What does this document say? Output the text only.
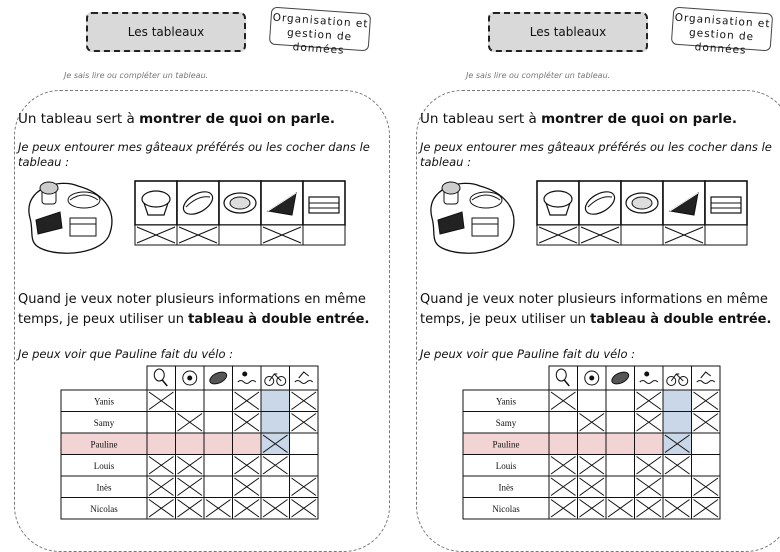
Les tableaux
Organisation et gestion de données
Je sais lire ou compléter un tableau.
Un tableau sert à montrer de quoi on parle.
Je peux entourer mes gâteaux préférés ou les cocher dans le tableau :
Quand je veux noter plusieurs informations en même temps, je peux utiliser un tableau à double entrée.
Je peux voir que Pauline fait du vélo :
Yanis
Samy
Pauline
Louis
Inès
Nicolas
Les tableaux
Organisation et gestion de données
Je sais lire ou compléter un tableau.
Un tableau sert à montrer de quoi on parle.
Je peux entourer mes gâteaux préférés ou les cocher dans le tableau :
Quand je veux noter plusieurs informations en même temps, je peux utiliser un tableau à double entrée.
Je peux voir que Pauline fait du vélo :
Yanis
Samy
Pauline
Louis
Inès
Nicolas
